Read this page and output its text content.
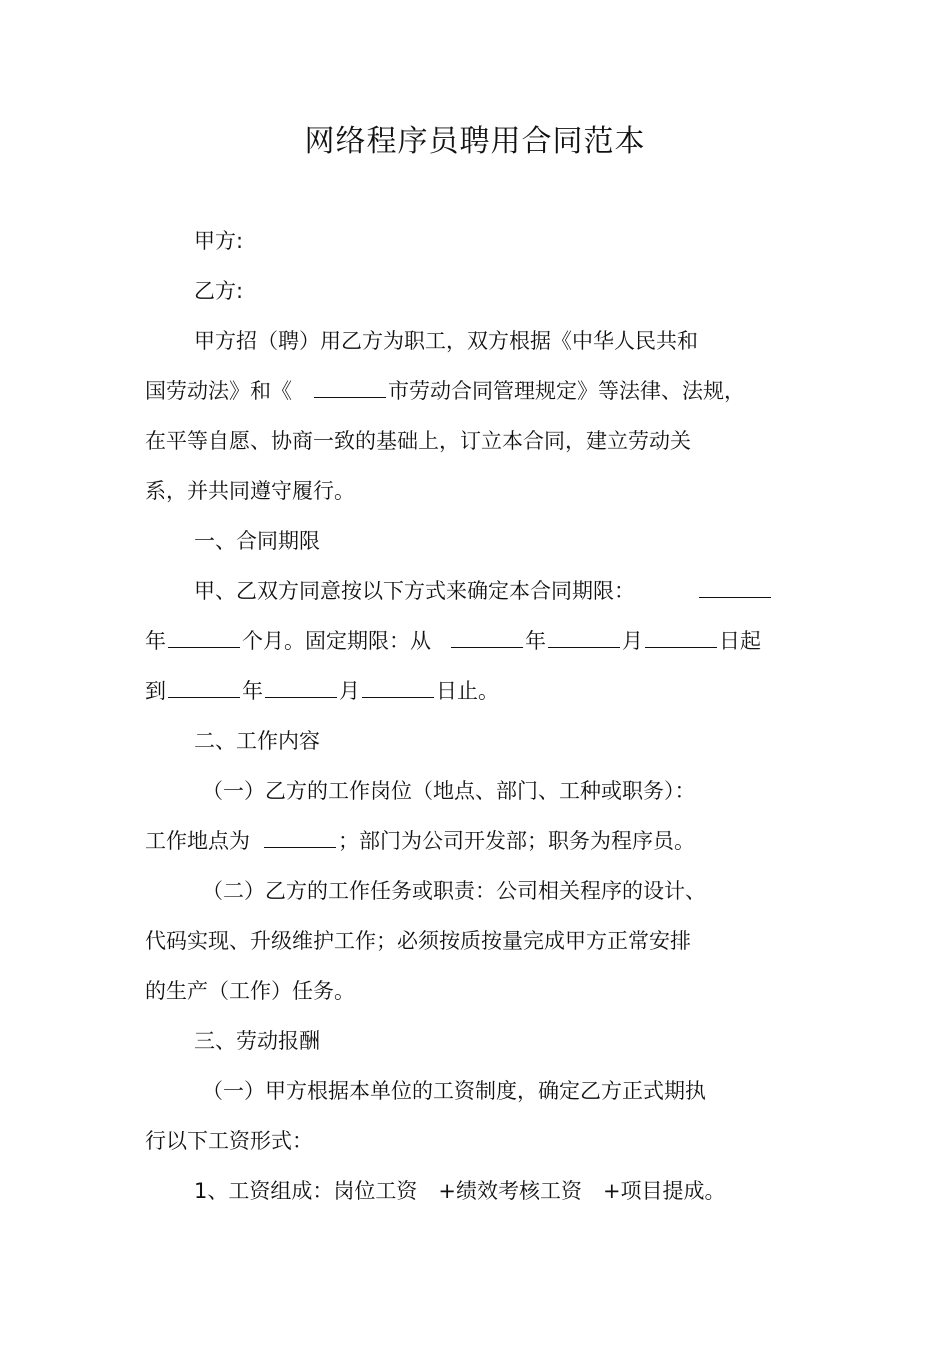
网络程序员聘用合同范本

甲方:

乙方:

甲方招（聘）用乙方为职工，双方根据《中华人民共和

国劳动法》和《	市劳动合同管理规定》等法律、法规，

在平等自愿、协商一致的基础上，订立本合同，建立劳动关

系，并共同遵守履行。

一、合同期限

甲、乙双方同意按以下方式来确定本合同期限：

年	个月。固定期限：从	年	月	日起

到	年	月	日止。

二、工作内容

（一）乙方的工作岗位（地点、部门、工种或职务）：

工作地点为	；部门为公司开发部；职务为程序员。

（二）乙方的工作任务或职责：公司相关程序的设计、

代码实现、升级维护工作；必须按质按量完成甲方正常安排

的生产（工作）任务。

三、劳动报酬

（一）甲方根据本单位的工资制度，确定乙方正式期执

行以下工资形式：

1、工资组成：岗位工资　+绩效考核工资　+项目提成。
